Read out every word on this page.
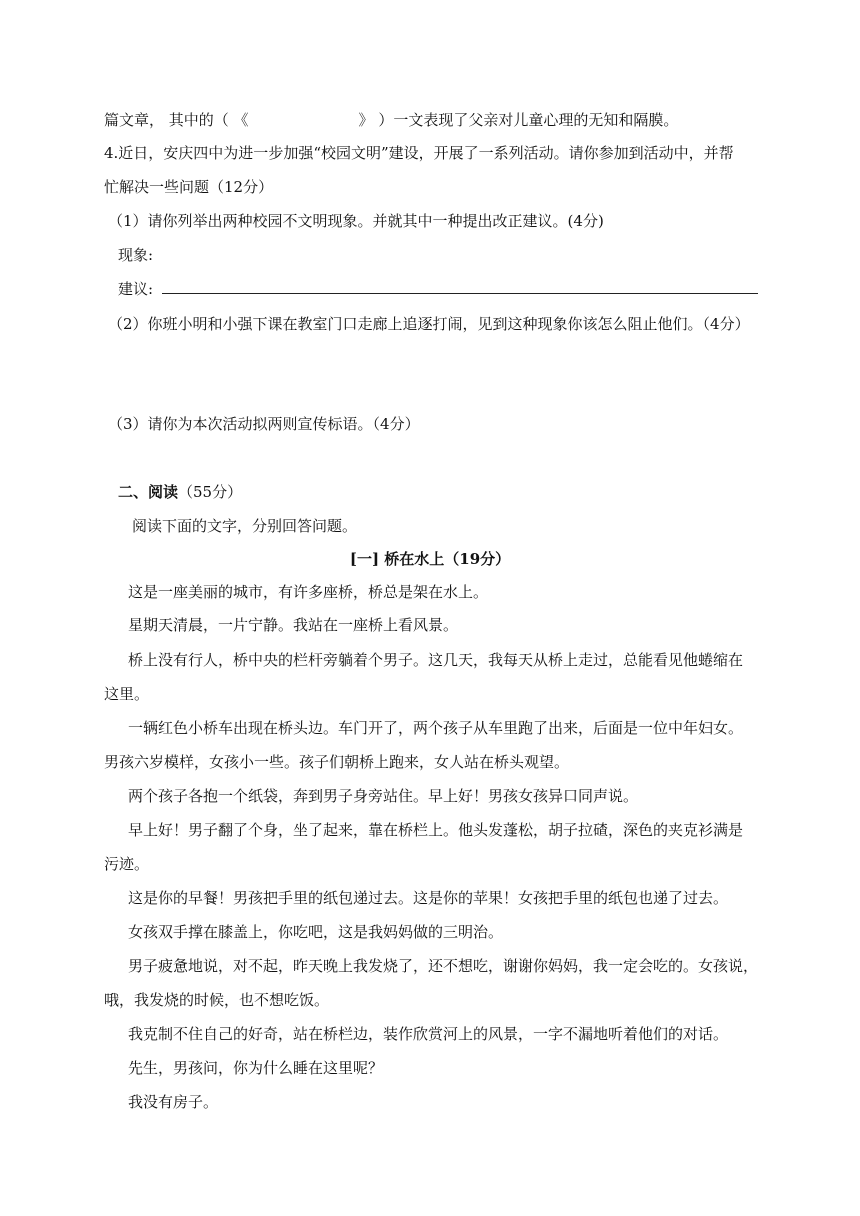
篇文章， 其中的（ 《	》 ）一文表现了父亲对儿童心理的无知和隔膜。
4.近日，安庆四中为进一步加强“校园文明”建设，开展了一系列活动。请你参加到活动中，并帮
忙解决一些问题（12分）
（1）请你列举出两种校园不文明现象。并就其中一种提出改正建议。(4分)
现象:
建议:
（2）你班小明和小强下课在教室门口走廊上追逐打闹，见到这种现象你该怎么阻止他们。（4分）
（3）请你为本次活动拟两则宣传标语。（4分）
二、阅读（55分）
阅读下面的文字，分别回答问题。
[一] 桥在水上（19分）
这是一座美丽的城市，有许多座桥，桥总是架在水上。
星期天清晨，一片宁静。我站在一座桥上看风景。
桥上没有行人，桥中央的栏杆旁躺着个男子。这几天，我每天从桥上走过，总能看见他蜷缩在
这里。
一辆红色小桥车出现在桥头边。车门开了，两个孩子从车里跑了出来，后面是一位中年妇女。
男孩六岁模样，女孩小一些。孩子们朝桥上跑来，女人站在桥头观望。
两个孩子各抱一个纸袋，奔到男子身旁站住。早上好！男孩女孩异口同声说。
早上好！男子翻了个身，坐了起来，靠在桥栏上。他头发蓬松，胡子拉碴，深色的夹克衫满是
污迹。
这是你的早餐！男孩把手里的纸包递过去。这是你的苹果！女孩把手里的纸包也递了过去。
女孩双手撑在膝盖上，你吃吧，这是我妈妈做的三明治。
男子疲惫地说，对不起，昨天晚上我发烧了，还不想吃，谢谢你妈妈，我一定会吃的。女孩说，
哦，我发烧的时候，也不想吃饭。
我克制不住自己的好奇，站在桥栏边，装作欣赏河上的风景，一字不漏地听着他们的对话。
先生，男孩问，你为什么睡在这里呢？
我没有房子。
